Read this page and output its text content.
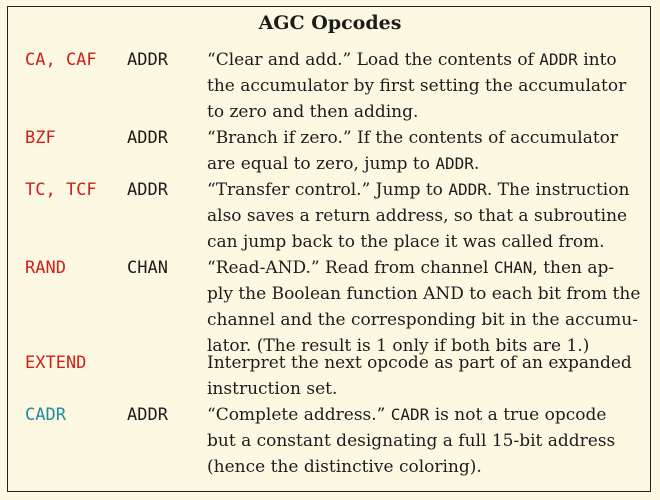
AGC Opcodes
CA, CAF ADDR “Clear and add.” Load the contents of ADDR into
the accumulator by first setting the accumulator
to zero and then adding.
BZF	ADDR “Branch if zero.” If the contents of accumulator
are equal to zero, jump to ADDR.
TC, TCF ADDR “Transfer control.” Jump to ADDR. The instruction
also saves a return address, so that a subroutine
can jump back to the place it was called from.
RAND	CHAN “Read-AND.” Read from channel CHAN, then ap-
ply the Boolean function AND to each bit from the
channel and the corresponding bit in the accumu-
lator. (The result is 1 only if both bits are 1.)
EXTEND	Interpret the next opcode as part of an expanded
instruction set.
CADR	ADDR “Complete address.” CADR is not a true opcode
but a constant designating a full 15-bit address
(hence the distinctive coloring).
